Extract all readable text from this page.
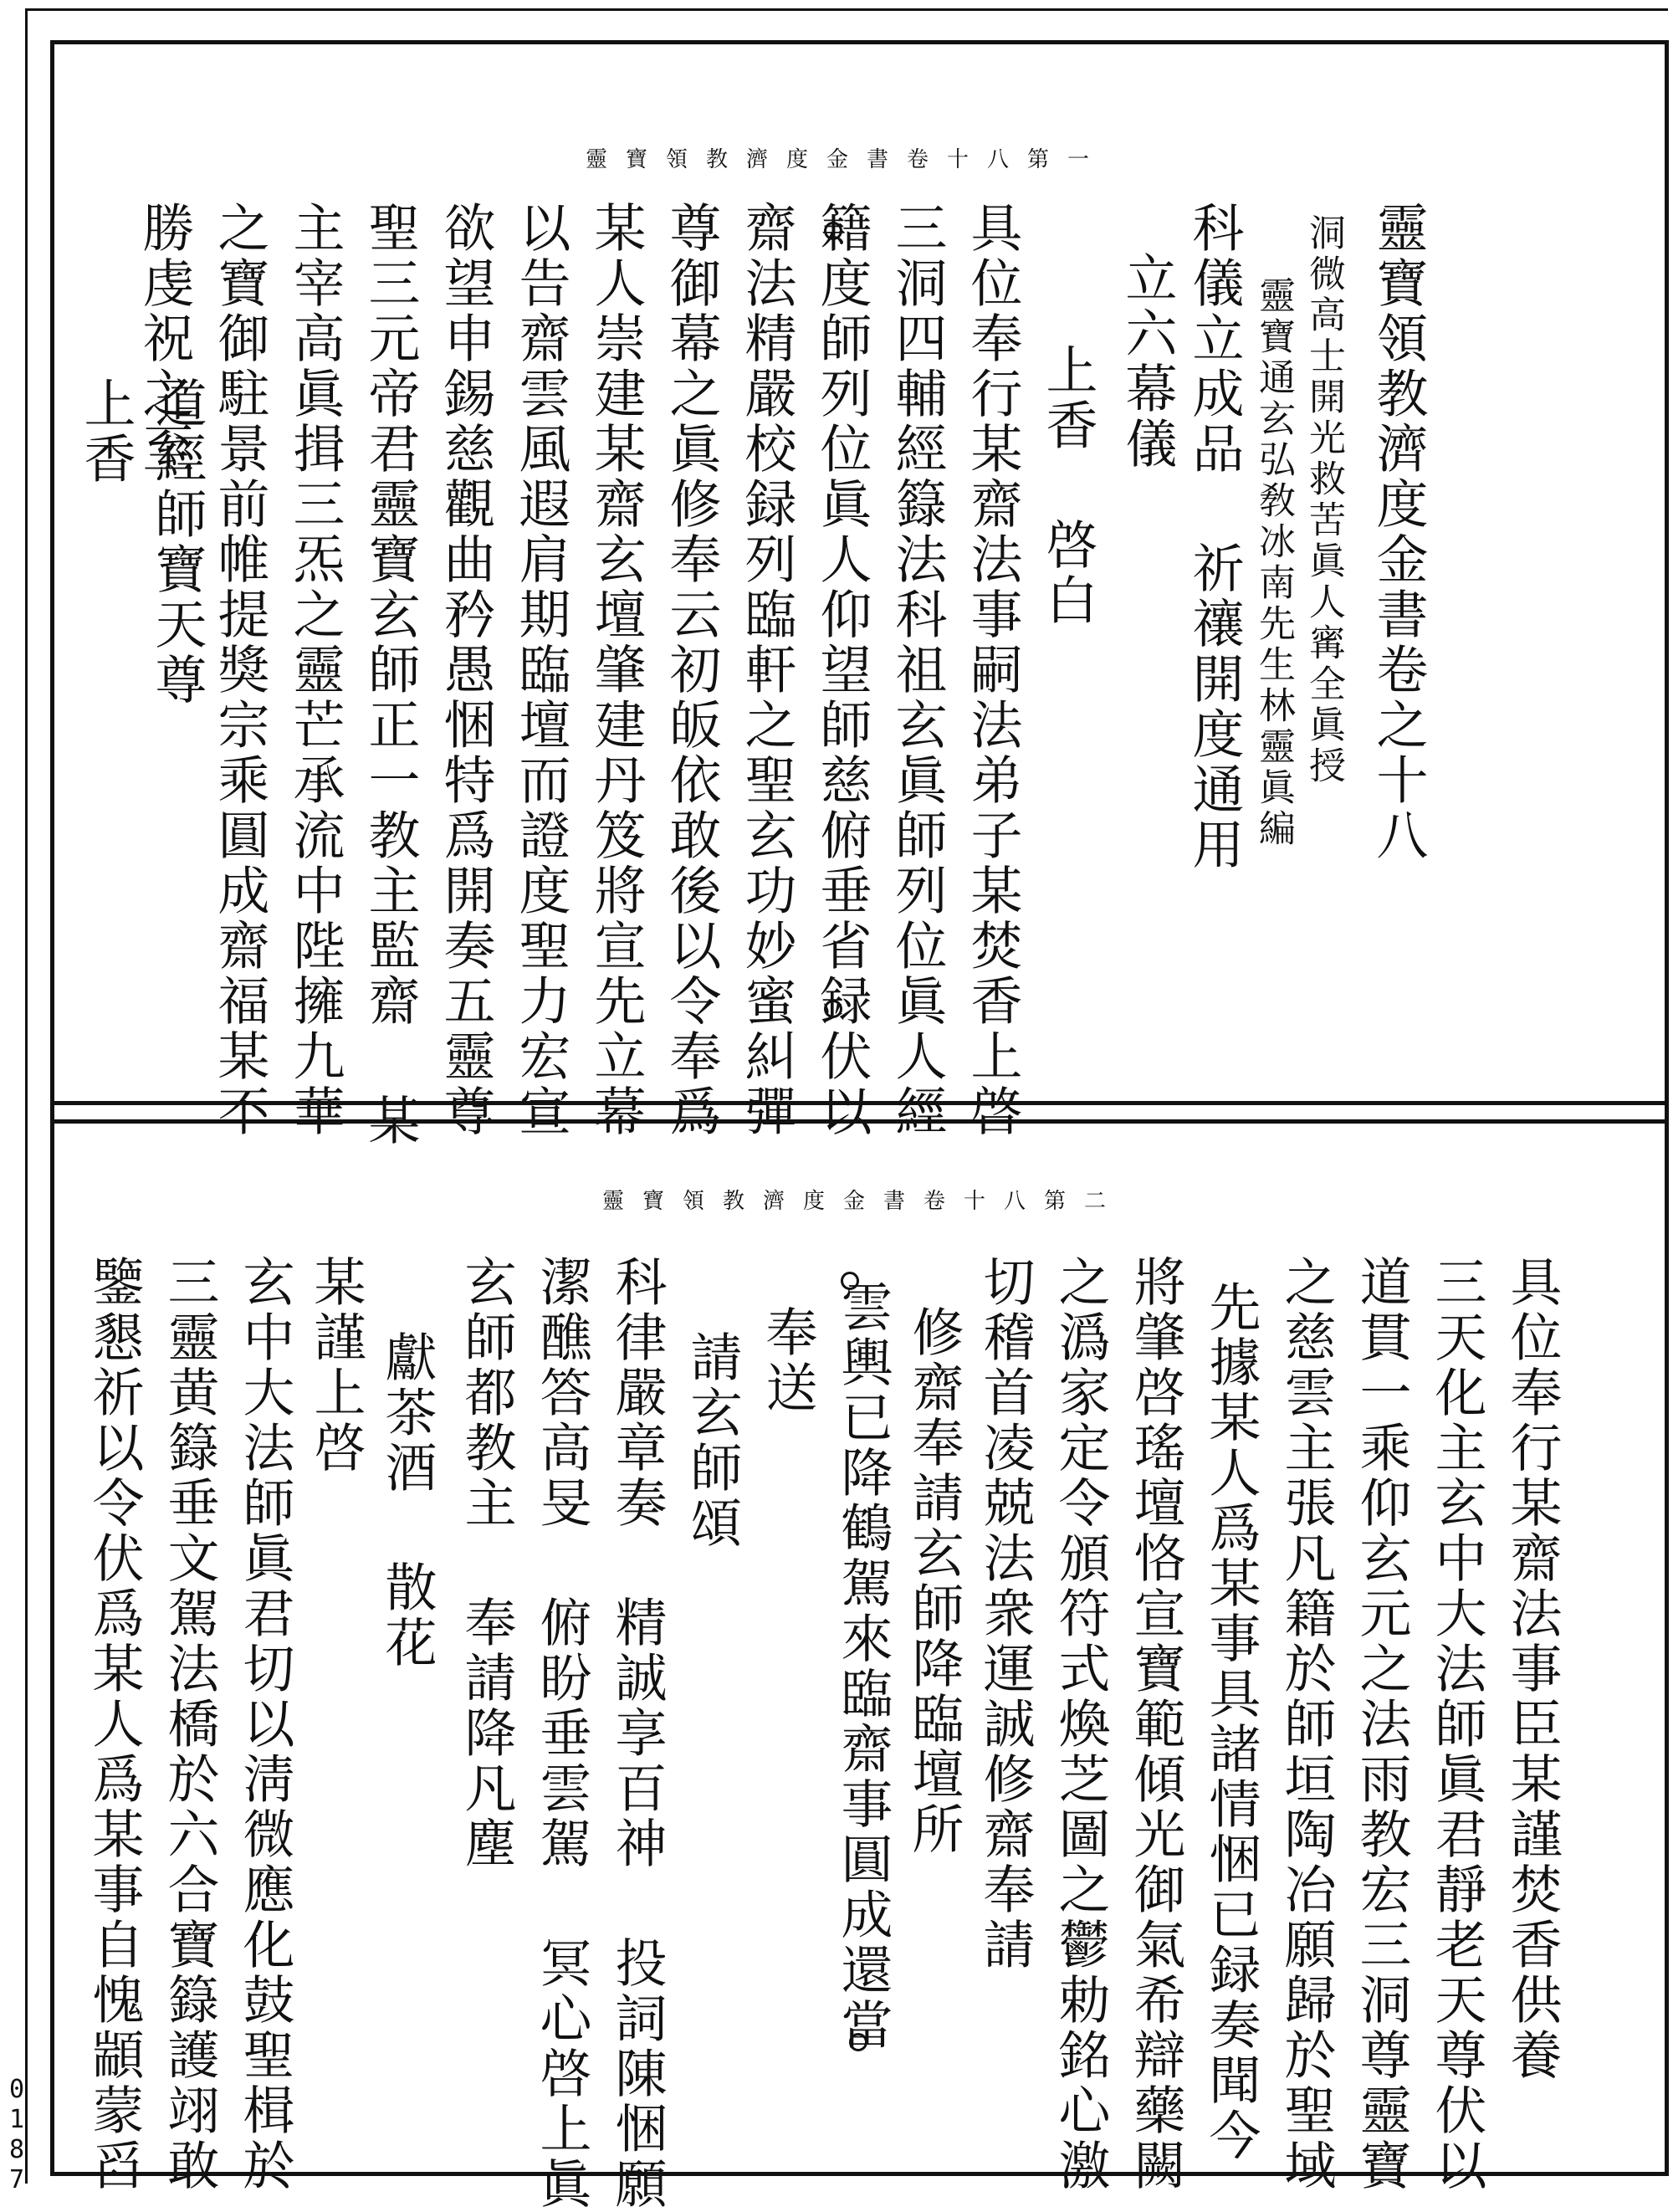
靈寶領教濟度金書卷十八第一
靈寶領教濟度金書卷之十八
洞微高士開光救苦眞人寗全眞授
靈寶通玄弘敎冰南先生林靈眞編
科儀立成品 祈禳開度通用
立六幕儀
上香 啓白
具位奉行某齋法事嗣法弟子某焚香上啓
三洞四輔經籙法科祖玄眞師列位眞人經
籍度師列位眞人仰望師慈俯垂省録伏以
齋法精嚴校録列臨軒之聖玄功妙蜜糾彈
尊御幕之眞修奉云初皈依敢後以令奉爲
某人崇建某齋玄壇肇建丹笈將宣先立幕
以告齋雲風遐肩期臨壇而證度聖力宏宣
欲望申錫慈觀曲矜愚悃特爲開奏五靈尊
聖三元帝君靈寶玄師正一教主監齋 某
主宰高眞揖三炁之靈芒承流中陛擁九華
之寶御駐景前帷提獎宗乘圓成齋福某不
勝虔祝之至
道經師寶天尊
上香
靈寶領教濟度金書卷十八第二
具位奉行某齋法事臣某謹焚香供養
三天化主玄中大法師眞君靜老天尊伏以
道貫一乘仰玄元之法雨教宏三洞尊靈寶
之慈雲主張凡籍於師垣陶冶願歸於聖域
先據某人爲某事具諸情悃已録奏聞今
將肇啓瑤壇恪宣寶範傾光御氣希辯藥闕
之潙家定令頒符式煥芝圖之鬱勅銘心激
切稽首凌兢法衆運誠修齋奉請
修齋奉請玄師降臨壇所
雲輿已降鶴駕來臨齋事圓成還當
奉送
請玄師頌
科律嚴章奏 精誠享百神 投詞陳悃願
潔醮答高旻 俯盼垂雲駕 冥心啓上眞
玄師都教主 奉請降凡塵
獻茶酒 散花
某謹上啓
玄中大法師眞君切以淸微應化鼓聖楫於
三靈黄籙垂文駕法橋於六合寶籙護翊敢
鑒懇祈以令伏爲某人爲某事自愧顓蒙舀
0
1
8
7
